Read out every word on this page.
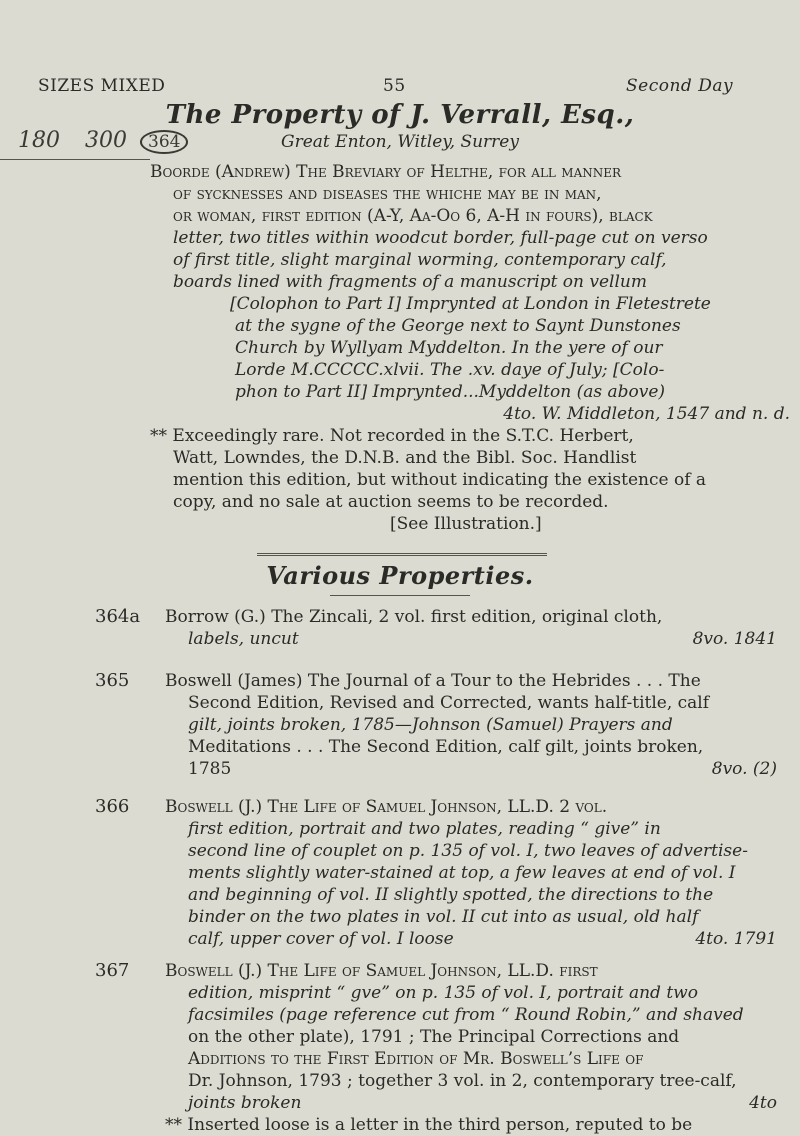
SIZES MIXED	55	Second Day
The Property of J. Verrall, Esq.,
Great Enton, Witley, Surrey
180 300 364
Boorde (Andrew) The Breviary of Helthe, for all manner
of sycknesses and diseases the whiche may be in man,
or woman, first edition (A-Y, Aa-Oo 6, A-H in fours), black
letter, two titles within woodcut border, full-page cut on verso
of first title, slight marginal worming, contemporary calf,
boards lined with fragments of a manuscript on vellum
[Colophon to Part I] Imprynted at London in Fletestrete
at the sygne of the George next to Saynt Dunstones
Church by Wyllyam Myddelton. In the yere of our
Lorde M.CCCCC.xlvii. The .xv. daye of July; [Colo-
phon to Part II] Imprynted...Myddelton (as above)
4to. W. Middleton, 1547 and n. d.
** Exceedingly rare. Not recorded in the S.T.C. Herbert,
Watt, Lowndes, the D.N.B. and the Bibl. Soc. Handlist
mention this edition, but without indicating the existence of a
copy, and no sale at auction seems to be recorded.
[See Illustration.]
Various Properties.
364a Borrow (G.) The Zincali, 2 vol. first edition, original cloth,
labels, uncut	8vo. 1841
365 Boswell (James) The Journal of a Tour to the Hebrides . . . The
Second Edition, Revised and Corrected, wants half-title, calf
gilt, joints broken, 1785—Johnson (Samuel) Prayers and
Meditations . . . The Second Edition, calf gilt, joints broken,
1785	8vo. (2)
366 Boswell (J.) The Life of Samuel Johnson, LL.D. 2 vol.
first edition, portrait and two plates, reading “ give” in
second line of couplet on p. 135 of vol. I, two leaves of advertise-
ments slightly water-stained at top, a few leaves at end of vol. I
and beginning of vol. II slightly spotted, the directions to the
binder on the two plates in vol. II cut into as usual, old half
calf, upper cover of vol. I loose	4to. 1791
367 Boswell (J.) The Life of Samuel Johnson, LL.D. first
edition, misprint “ gve” on p. 135 of vol. I, portrait and two
facsimiles (page reference cut from “ Round Robin,” and shaved
on the other plate), 1791 ; The Principal Corrections and
Additions to the First Edition of Mr. Boswell’s Life of
Dr. Johnson, 1793 ; together 3 vol. in 2, contemporary tree-calf,
joints broken	4to
** Inserted loose is a letter in the third person, reputed to be
